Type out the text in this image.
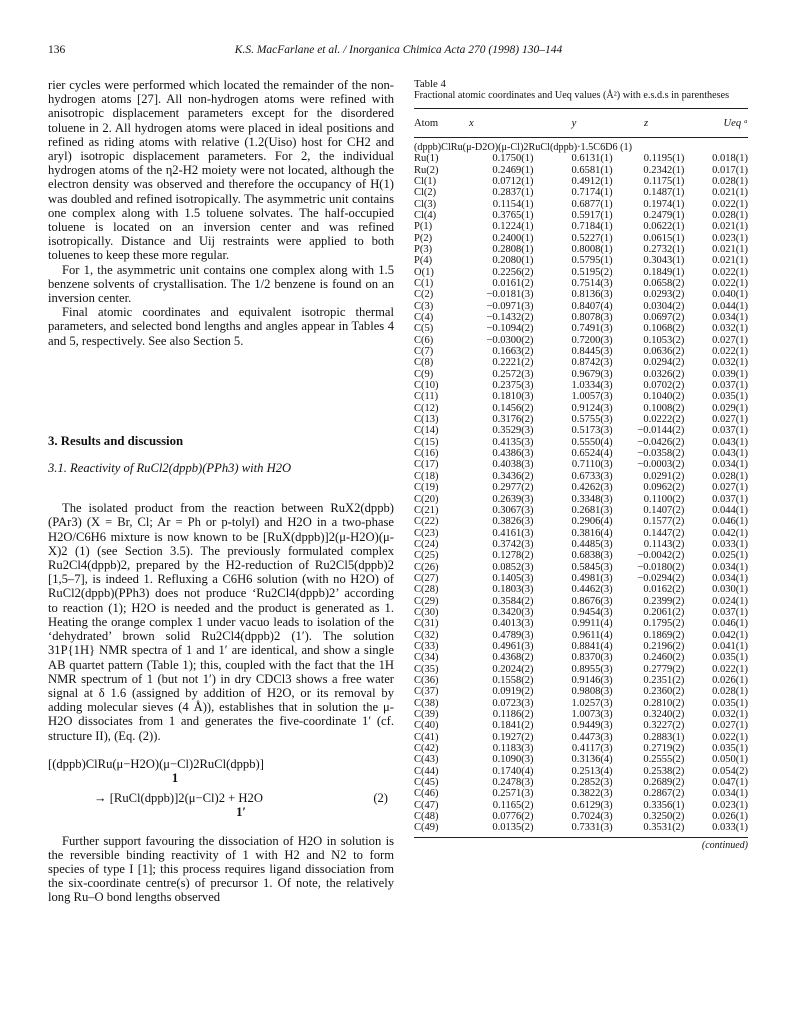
136	K.S. MacFarlane et al. / Inorganica Chimica Acta 270 (1998) 130–144

rier cycles were performed which located the remainder of the non-hydrogen atoms [27]. All non-hydrogen atoms were refined with anisotropic displacement parameters except for the disordered toluene in 2. All hydrogen atoms were placed in ideal positions and refined as riding atoms with relative (1.2(Uiso) host for CH2 and aryl) isotropic displacement parameters. For 2, the individual hydrogen atoms of the η2-H2 moiety were not located, although the electron density was observed and therefore the occupancy of H(1) was doubled and refined isotropically. The asymmetric unit contains one complex along with 1.5 toluene solvates. The half-occupied toluene is located on an inversion center and was refined isotropically. Distance and Uij restraints were applied to both toluenes to keep these more regular.

For 1, the asymmetric unit contains one complex along with 1.5 benzene solvents of crystallisation. The 1/2 benzene is found on an inversion center.

Final atomic coordinates and equivalent isotropic thermal parameters, and selected bond lengths and angles appear in Tables 4 and 5, respectively. See also Section 5.

3. Results and discussion
3.1. Reactivity of RuCl2(dppb)(PPh3) with H2O

The isolated product from the reaction between RuX2(dppb)(PAr3) (X = Br, Cl; Ar = Ph or p-tolyl) and H2O in a two-phase H2O/C6H6 mixture is now known to be [RuX(dppb)]2(μ-H2O)(μ-X)2 (1) (see Section 3.5). The previously formulated complex Ru2Cl4(dppb)2, prepared by the H2-reduction of Ru2Cl5(dppb)2 [1,5–7], is indeed 1. Refluxing a C6H6 solution (with no H2O) of RuCl2(dppb)(PPh3) does not produce ‘Ru2Cl4(dppb)2’ according to reaction (1); H2O is needed and the product is generated as 1. Heating the orange complex 1 under vacuo leads to isolation of the ‘dehydrated’ brown solid Ru2Cl4(dppb)2 (1′). The solution 31P{1H} NMR spectra of 1 and 1′ are identical, and show a single AB quartet pattern (Table 1); this, coupled with the fact that the 1H NMR spectrum of 1 (but not 1′) in dry CDCl3 shows a free water signal at δ 1.6 (assigned by addition of H2O, or its removal by adding molecular sieves (4 Å)), establishes that in solution the μ-H2O dissociates from 1 and generates the five-coordinate 1′ (cf. structure II), (Eq. (2)).

[(dppb)ClRu(μ−H2O)(μ−Cl)2RuCl(dppb)]
1
→ [RuCl(dppb)]2(μ−Cl)2 + H2O	(2)
1′

Further support favouring the dissociation of H2O in solution is the reversible binding reactivity of 1 with H2 and N2 to form species of type I [1]; this process requires ligand dissociation from the six-coordinate centre(s) of precursor 1. Of note, the relatively long Ru–O bond lengths observed

Table 4
Fractional atomic coordinates and Ueq values (Å²) with e.s.d.s in parentheses
Atom	x	y	z	Ueq ᵃ
(dppb)ClRu(μ-D2O)(μ-Cl)2RuCl(dppb)·1.5C6D6 (1)
Ru(1)	0.1750(1)	0.6131(1)	0.1195(1)	0.018(1)
Ru(2)	0.2469(1)	0.6581(1)	0.2342(1)	0.017(1)
Cl(1)	0.0712(1)	0.4912(1)	0.1175(1)	0.028(1)
Cl(2)	0.2837(1)	0.7174(1)	0.1487(1)	0.021(1)
Cl(3)	0.1154(1)	0.6877(1)	0.1974(1)	0.022(1)
Cl(4)	0.3765(1)	0.5917(1)	0.2479(1)	0.028(1)
P(1)	0.1224(1)	0.7184(1)	0.0622(1)	0.021(1)
P(2)	0.2400(1)	0.5227(1)	0.0615(1)	0.023(1)
P(3)	0.2808(1)	0.8008(1)	0.2732(1)	0.021(1)
P(4)	0.2080(1)	0.5795(1)	0.3043(1)	0.021(1)
O(1)	0.2256(2)	0.5195(2)	0.1849(1)	0.022(1)
C(1)	0.0161(2)	0.7514(3)	0.0658(2)	0.022(1)
C(2)	−0.0181(3)	0.8136(3)	0.0293(2)	0.040(1)
C(3)	−0.0971(3)	0.8407(4)	0.0304(2)	0.044(1)
C(4)	−0.1432(2)	0.8078(3)	0.0697(2)	0.034(1)
C(5)	−0.1094(2)	0.7491(3)	0.1068(2)	0.032(1)
C(6)	−0.0300(2)	0.7200(3)	0.1053(2)	0.027(1)
C(7)	0.1663(2)	0.8445(3)	0.0636(2)	0.022(1)
C(8)	0.2221(2)	0.8742(3)	0.0294(2)	0.032(1)
C(9)	0.2572(3)	0.9679(3)	0.0326(2)	0.039(1)
C(10)	0.2375(3)	1.0334(3)	0.0702(2)	0.037(1)
C(11)	0.1810(3)	1.0057(3)	0.1040(2)	0.035(1)
C(12)	0.1456(2)	0.9124(3)	0.1008(2)	0.029(1)
C(13)	0.3176(2)	0.5755(3)	0.0222(2)	0.027(1)
C(14)	0.3529(3)	0.5173(3)	−0.0144(2)	0.037(1)
C(15)	0.4135(3)	0.5550(4)	−0.0426(2)	0.043(1)
C(16)	0.4386(3)	0.6524(4)	−0.0358(2)	0.043(1)
C(17)	0.4038(3)	0.7110(3)	−0.0003(2)	0.034(1)
C(18)	0.3436(2)	0.6733(3)	0.0291(2)	0.028(1)
C(19)	0.2977(2)	0.4262(3)	0.0962(2)	0.027(1)
C(20)	0.2639(3)	0.3348(3)	0.1100(2)	0.037(1)
C(21)	0.3067(3)	0.2681(3)	0.1407(2)	0.044(1)
C(22)	0.3826(3)	0.2906(4)	0.1577(2)	0.046(1)
C(23)	0.4161(3)	0.3816(4)	0.1447(2)	0.042(1)
C(24)	0.3742(3)	0.4485(3)	0.1143(2)	0.033(1)
C(25)	0.1278(2)	0.6838(3)	−0.0042(2)	0.025(1)
C(26)	0.0852(3)	0.5845(3)	−0.0180(2)	0.034(1)
C(27)	0.1405(3)	0.4981(3)	−0.0294(2)	0.034(1)
C(28)	0.1803(3)	0.4462(3)	0.0162(2)	0.030(1)
C(29)	0.3584(2)	0.8676(3)	0.2399(2)	0.024(1)
C(30)	0.3420(3)	0.9454(3)	0.2061(2)	0.037(1)
C(31)	0.4013(3)	0.9911(4)	0.1795(2)	0.046(1)
C(32)	0.4789(3)	0.9611(4)	0.1869(2)	0.042(1)
C(33)	0.4961(3)	0.8841(4)	0.2196(2)	0.041(1)
C(34)	0.4368(2)	0.8370(3)	0.2460(2)	0.035(1)
C(35)	0.2024(2)	0.8955(3)	0.2779(2)	0.022(1)
C(36)	0.1558(2)	0.9146(3)	0.2351(2)	0.026(1)
C(37)	0.0919(2)	0.9808(3)	0.2360(2)	0.028(1)
C(38)	0.0723(3)	1.0257(3)	0.2810(2)	0.035(1)
C(39)	0.1186(2)	1.0073(3)	0.3240(2)	0.032(1)
C(40)	0.1841(2)	0.9449(3)	0.3227(2)	0.027(1)
C(41)	0.1927(2)	0.4473(3)	0.2883(1)	0.022(1)
C(42)	0.1183(3)	0.4117(3)	0.2719(2)	0.035(1)
C(43)	0.1090(3)	0.3136(4)	0.2555(2)	0.050(1)
C(44)	0.1740(4)	0.2513(4)	0.2538(2)	0.054(2)
C(45)	0.2478(3)	0.2852(3)	0.2689(2)	0.047(1)
C(46)	0.2571(3)	0.3822(3)	0.2867(2)	0.034(1)
C(47)	0.1165(2)	0.6129(3)	0.3356(1)	0.023(1)
C(48)	0.0776(2)	0.7024(3)	0.3250(2)	0.026(1)
C(49)	0.0135(2)	0.7331(3)	0.3531(2)	0.033(1)
(continued)
